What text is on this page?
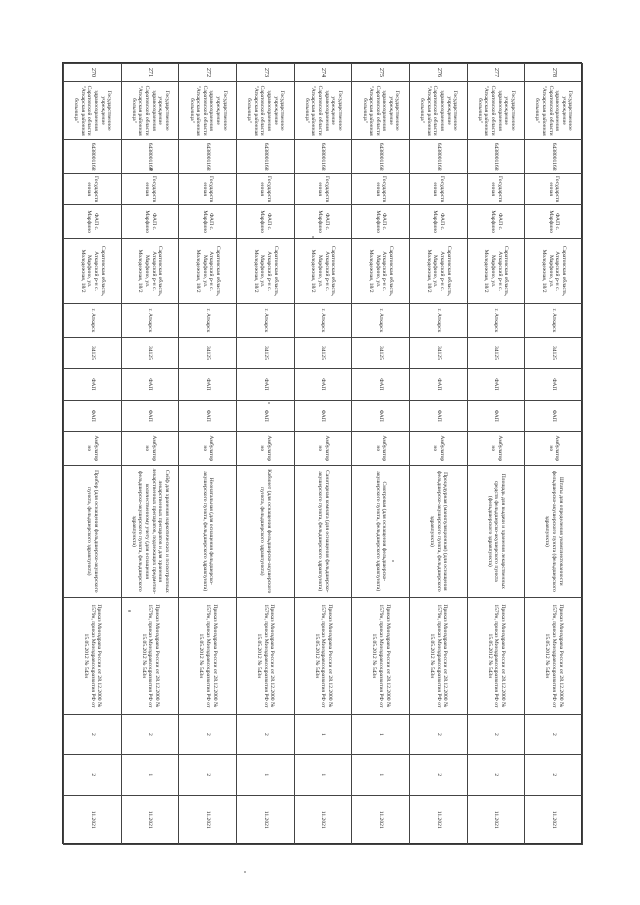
278	Государственное учреждение здравоохранения Саратовской области "Аткарская районная больница"	6438001168	Государственная	ФАП с. Марфино	Саратовская область, Аткарский р-н с. Марфино, ул. Молодежная, 18/2	г. Аткарск	34125	ФАП	ФАП	Амбулаторно	Штаты для определения укомплектованности фельдшерско-акушерского пункта (фельдшерского здравпункта)	Приказ Минздрава России от 28.12.2000 № 1579н, приказ Минздравсоцразвития РФ от 15.05.2012 № 543н	2	2	11.2021
277	Государственное учреждение здравоохранения Саратовской области "Аткарская районная больница"	6438001168	Государственная	ФАП с. Марфино	Саратовская область, Аткарский р-н с. Марфино, ул. Молодежная, 18/2	г. Аткарск	34125	ФАП	ФАП	Амбулаторно	Площадь для выдачи и хранения лекарственных средств фельдшерско-акушерского пункта (фельдшерского здравпункта)	Приказ Минздрава России от 28.12.2000 № 1579н, приказ Минздравсоцразвития РФ от 15.05.2012 № 543н	2	2	11.2021
276	Государственное учреждение здравоохранения Саратовской области "Аткарская районная больница"	6438001168	Государственная	ФАП с. Марфино	Саратовская область, Аткарский р-н с. Марфино, ул. Молодежная, 18/2	г. Аткарск	34125	ФАП	ФАП	Амбулаторно	Процедурная (манипуляционная) (для оснащения фельдшерско-акушерского пункта, фельдшерского здравпункта)	Приказ Минздрава России от 28.12.2000 № 1579н, приказ Минздравсоцразвития РФ от 15.05.2012 № 543н	2	2	11.2021
275	Государственное учреждение здравоохранения Саратовской области "Аткарская районная больница"	6438001168	Государственная	ФАП с. Марфино	Саратовская область, Аткарский р-н с. Марфино, ул. Молодежная, 18/2	г. Аткарск	34125	ФАП	ФАП	Амбулаторно	Смотровая (для оснащения фельдшерско-акушерского пункта, фельдшерского здравпункта)	Приказ Минздрава России от 28.12.2000 № 1579н, приказ Минздравсоцразвития РФ от 15.05.2012 № 543н	1	1	11.2021
274	Государственное учреждение здравоохранения Саратовской области "Аткарская районная больница"	6438001168	Государственная	ФАП с. Марфино	Саратовская область, Аткарский р-н с. Марфино, ул. Молодежная, 18/2	г. Аткарск	34125	ФАП	ФАП	Амбулаторно	Санитарная комната (для оснащения фельдшерско-акушерского пункта, фельдшерского здравпункта)	Приказ Минздрава России от 28.12.2000 № 1579н, приказ Минздравсоцразвития РФ от 15.05.2012 № 543н	1	1	11.2021
273	Государственное учреждение здравоохранения Саратовской области "Аткарская районная больница"	6438001168	Государственная	ФАП с. Марфино	Саратовская область, Аткарский р-н с. Марфино, ул. Молодежная, 18/2	г. Аткарск	34125	ФАП	ФАП	Амбулаторно	Кабинет (для оснащения фельдшерско-акушерского пункта, фельдшерского здравпункта)	Приказ Минздрава России от 28.12.2000 № 1579н, приказ Минздравсоцразвития РФ от 15.05.2012 № 543н	2	1	11.2021
272	Государственное учреждение здравоохранения Саратовской области "Аткарская районная больница"	6438001168	Государственная	ФАП с. Марфино	Саратовская область, Аткарский р-н с. Марфино, ул. Молодежная, 18/2	г. Аткарск	34125	ФАП	ФАП	Амбулаторно	Неонатальная (для оснащения фельдшерско-акушерского пункта, фельдшерского здравпункта)	Приказ Минздрава России от 28.12.2000 № 1579н, приказ Минздравсоцразвития РФ от 15.05.2012 № 543н	2	2	11.2021
271	Государственное учреждение здравоохранения Саратовской области "Аткарская районная больница"	6438001168	Государственная	ФАП с. Марфино	Саратовская область, Аткарский р-н с. Марфино, ул. Молодежная, 18/2	г. Аткарск	34125	ФАП	ФАП	Амбулаторно	Сейф для хранения наркотических и психотропных лекарственных препаратов и для хранения лекарственных препаратов, подлежащих предметно-количественному учету (для оснащения фельдшерско-акушерского пункта, фельдшерского здравпункта)	Приказ Минздрава России от 28.12.2000 № 1579н, приказ Минздравсоцразвития РФ от 15.05.2012 № 543н	2	1	11.2021
270	Государственное учреждение здравоохранения Саратовской области "Аткарская районная больница"	6438001168	Государственная	ФАП с. Марфино	Саратовская область, Аткарский р-н с. Марфино, ул. Молодежная, 18/2	г. Аткарск	34125	ФАП	ФАП	Амбулаторно	Прибор (для оснащения фельдшерско-акушерского пункта, фельдшерского здравпункта)	Приказ Минздрава России от 28.12.2000 № 1579н, приказ Минздравсоцразвития РФ от 15.05.2012 № 543н	2	2	11.2021
